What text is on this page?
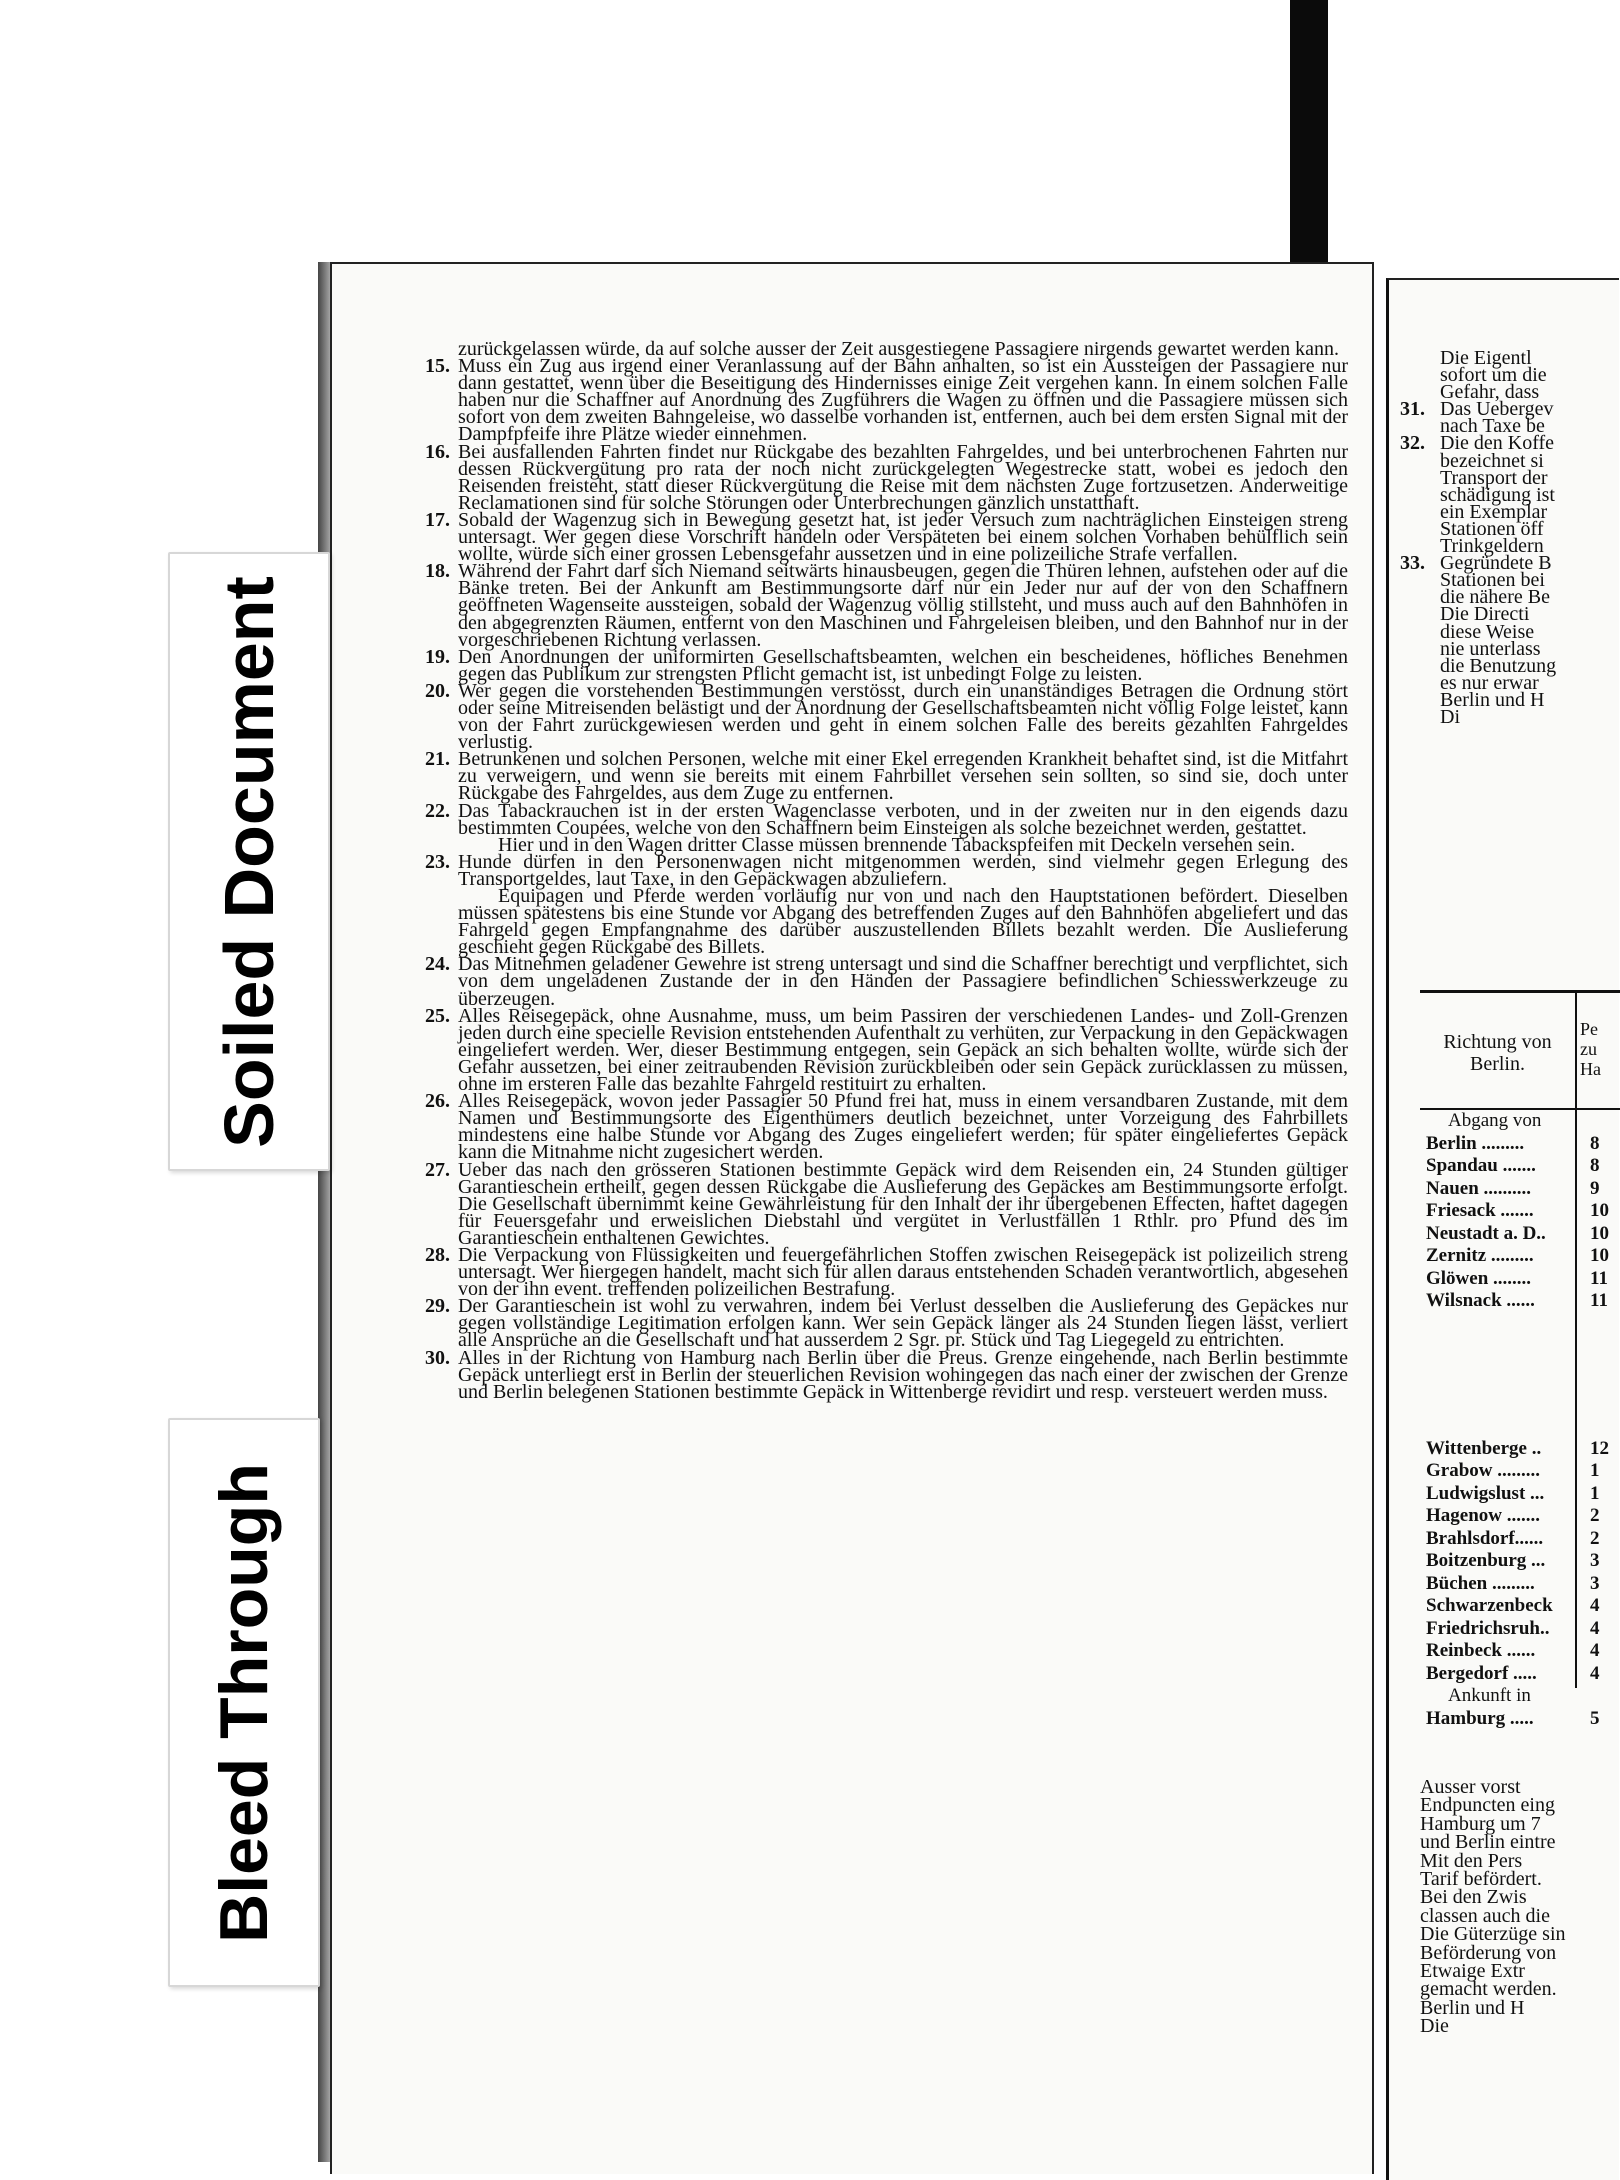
Soiled Document
Bleed Through
zurückgelassen würde, da auf solche ausser der Zeit ausgestiegene Passagiere nirgends gewartet werden kann.
15. Muss ein Zug aus irgend einer Veranlassung auf der Bahn anhalten, so ist ein Aussteigen der Passagiere nur dann gestattet, wenn über die Beseitigung des Hindernisses einige Zeit vergehen kann. In einem solchen Falle haben nur die Schaffner auf Anordnung des Zugführers die Wagen zu öffnen und die Passagiere müssen sich sofort von dem zweiten Bahngeleise, wo dasselbe vorhanden ist, entfernen, auch bei dem ersten Signal mit der Dampfpfeife ihre Plätze wieder einnehmen.
16. Bei ausfallenden Fahrten findet nur Rückgabe des bezahlten Fahrgeldes, und bei unterbrochenen Fahrten nur dessen Rückvergütung pro rata der noch nicht zurückgelegten Wegestrecke statt, wobei es jedoch den Reisenden freisteht, statt dieser Rückvergütung die Reise mit dem nächsten Zuge fortzusetzen. Anderweitige Reclamationen sind für solche Störungen oder Unterbrechungen gänzlich unstatthaft.
17. Sobald der Wagenzug sich in Bewegung gesetzt hat, ist jeder Versuch zum nachträglichen Einsteigen streng untersagt. Wer gegen diese Vorschrift handeln oder Verspäteten bei einem solchen Vorhaben behülflich sein wollte, würde sich einer grossen Lebensgefahr aussetzen und in eine polizeiliche Strafe verfallen.
18. Während der Fahrt darf sich Niemand seitwärts hinausbeugen, gegen die Thüren lehnen, aufstehen oder auf die Bänke treten. Bei der Ankunft am Bestimmungsorte darf nur ein Jeder nur auf der von den Schaffnern geöffneten Wagenseite aussteigen, sobald der Wagenzug völlig stillsteht, und muss auch auf den Bahnhöfen in den abgegrenzten Räumen, entfernt von den Maschinen und Fahrgeleisen bleiben, und den Bahnhof nur in der vorgeschriebenen Richtung verlassen.
19. Den Anordnungen der uniformirten Gesellschaftsbeamten, welchen ein bescheidenes, höfliches Benehmen gegen das Publikum zur strengsten Pflicht gemacht ist, ist unbedingt Folge zu leisten.
20. Wer gegen die vorstehenden Bestimmungen verstösst, durch ein unanständiges Betragen die Ordnung stört oder seine Mitreisenden belästigt und der Anordnung der Gesellschaftsbeamten nicht völlig Folge leistet, kann von der Fahrt zurückgewiesen werden und geht in einem solchen Falle des bereits gezahlten Fahrgeldes verlustig.
21. Betrunkenen und solchen Personen, welche mit einer Ekel erregenden Krankheit behaftet sind, ist die Mitfahrt zu verweigern, und wenn sie bereits mit einem Fahrbillet versehen sein sollten, so sind sie, doch unter Rückgabe des Fahrgeldes, aus dem Zuge zu entfernen.
22. Das Tabackrauchen ist in der ersten Wagenclasse verboten, und in der zweiten nur in den eigends dazu bestimmten Coupées, welche von den Schaffnern beim Einsteigen als solche bezeichnet werden, gestattet.
Hier und in den Wagen dritter Classe müssen brennende Tabackspfeifen mit Deckeln versehen sein.
23. Hunde dürfen in den Personenwagen nicht mitgenommen werden, sind vielmehr gegen Erlegung des Transportgeldes, laut Taxe, in den Gepäckwagen abzuliefern.
Equipagen und Pferde werden vorläufig nur von und nach den Hauptstationen befördert. Dieselben müssen spätestens bis eine Stunde vor Abgang des betreffenden Zuges auf den Bahnhöfen abgeliefert und das Fahrgeld gegen Empfangnahme des darüber auszustellenden Billets bezahlt werden. Die Auslieferung geschieht gegen Rückgabe des Billets.
24. Das Mitnehmen geladener Gewehre ist streng untersagt und sind die Schaffner berechtigt und verpflichtet, sich von dem ungeladenen Zustande der in den Händen der Passagiere befindlichen Schiesswerkzeuge zu überzeugen.
25. Alles Reisegepäck, ohne Ausnahme, muss, um beim Passiren der verschiedenen Landes- und Zoll-Grenzen jeden durch eine specielle Revision entstehenden Aufenthalt zu verhüten, zur Verpackung in den Gepäckwagen eingeliefert werden. Wer, dieser Bestimmung entgegen, sein Gepäck an sich behalten wollte, würde sich der Gefahr aussetzen, bei einer zeitraubenden Revision zurückbleiben oder sein Gepäck zurücklassen zu müssen, ohne im ersteren Falle das bezahlte Fahrgeld restituirt zu erhalten.
26. Alles Reisegepäck, wovon jeder Passagier 50 Pfund frei hat, muss in einem versandbaren Zustande, mit dem Namen und Bestimmungsorte des Eigenthümers deutlich bezeichnet, unter Vorzeigung des Fahrbillets mindestens eine halbe Stunde vor Abgang des Zuges eingeliefert werden; für später eingeliefertes Gepäck kann die Mitnahme nicht zugesichert werden.
27. Ueber das nach den grösseren Stationen bestimmte Gepäck wird dem Reisenden ein, 24 Stunden gültiger Garantieschein ertheilt, gegen dessen Rückgabe die Auslieferung des Gepäckes am Bestimmungsorte erfolgt. Die Gesellschaft übernimmt keine Gewährleistung für den Inhalt der ihr übergebenen Effecten, haftet dagegen für Feuersgefahr und erweislichen Diebstahl und vergütet in Verlustfällen 1 Rthlr. pro Pfund des im Garantieschein enthaltenen Gewichtes.
28. Die Verpackung von Flüssigkeiten und feuergefährlichen Stoffen zwischen Reisegepäck ist polizeilich streng untersagt. Wer hiergegen handelt, macht sich für allen daraus entstehenden Schaden verantwortlich, abgesehen von der ihn event. treffenden polizeilichen Bestrafung.
29. Der Garantieschein ist wohl zu verwahren, indem bei Verlust desselben die Auslieferung des Gepäckes nur gegen vollständige Legitimation erfolgen kann. Wer sein Gepäck länger als 24 Stunden liegen lässt, verliert alle Ansprüche an die Gesellschaft und hat ausserdem 2 Sgr. pr. Stück und Tag Liegegeld zu entrichten.
30. Alles in der Richtung von Hamburg nach Berlin über die Preus. Grenze eingehende, nach Berlin bestimmte Gepäck unterliegt erst in Berlin der steuerlichen Revision wohingegen das nach einer der zwischen der Grenze und Berlin belegenen Stationen bestimmte Gepäck in Wittenberge revidirt und resp. versteuert werden muss.
Die Eigentl
sofort um die
Gefahr, dass
31. Das Uebergev
nach Taxe be
32. Die den Koffe
bezeichnet si
Transport der
schädigung ist
ein Exemplar
Stationen öff
Trinkgeldern
33. Gegründete B
Stationen bei
die nähere Be
Die Directi
diese Weise
nie unterlass
die Benutzung
es nur erwar
Berlin und H
Di
Richtung von Berlin.
Pe
zu
Ha
Abgang von
Berlin .........	8
Spandau .......	8
Nauen ..........	9
Friesack .......	10
Neustadt a. D.. 10
Zernitz .........	10
Glöwen ........	11
Wilsnack ......	11
Wittenberge ..	12
Grabow .........	1
Ludwigslust ... 1
Hagenow .......	2
Brahlsdorf...... 2
Boitzenburg ... 3
Büchen .........	3
Schwarzenbeck 4
Friedrichsruh.. 4
Reinbeck ......	4
Bergedorf .....	4
Ankunft in
Hamburg .....	5
Ausser vorst
Endpuncten eing
Hamburg um 7
und Berlin eintre
Mit den Pers
Tarif befördert.
Bei den Zwis
classen auch die
Die Güterzüge sin
Beförderung von
Etwaige Extr
gemacht werden.
Berlin und H
Die
